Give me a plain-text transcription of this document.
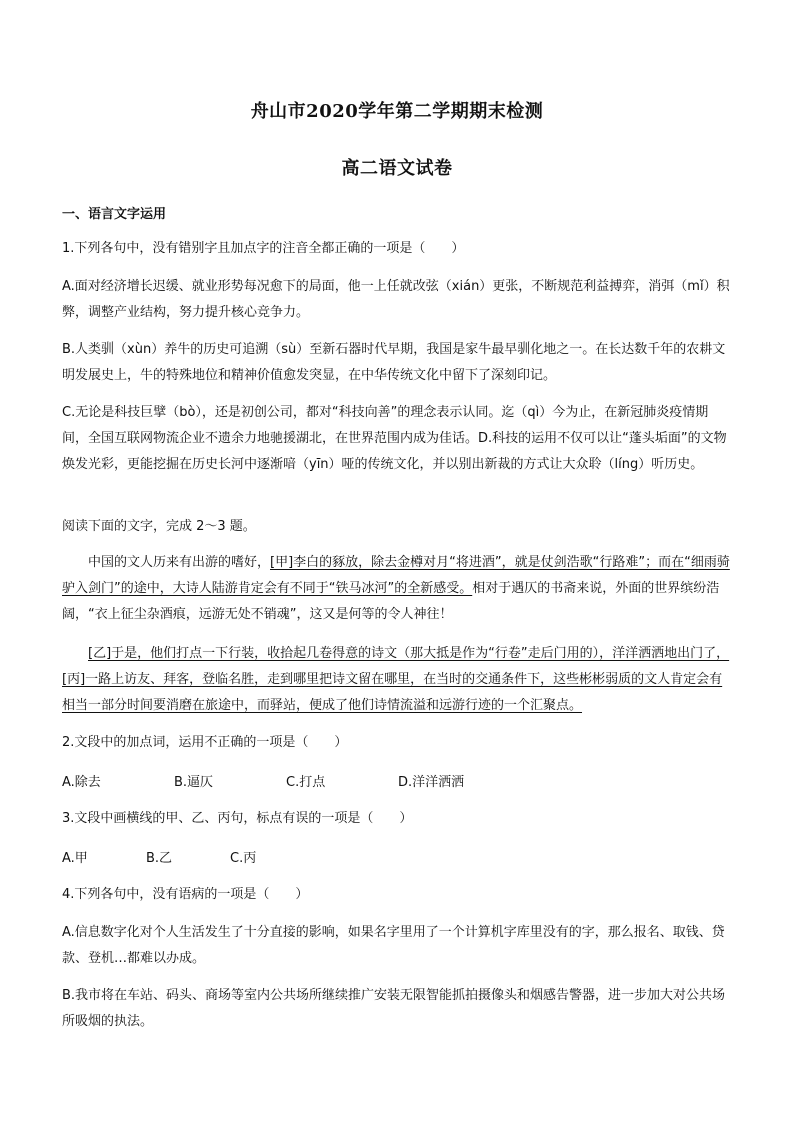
舟山市2020学年第二学期期末检测
高二语文试卷
一、语言文字运用

1.下列各句中，没有错别字且加点字的注音全都正确的一项是（　　）

A.面对经济增长迟缓、就业形势每况愈下的局面，他一上任就改弦（xián）更张，不断规范利益搏弈，消弭（mǐ）积弊，调整产业结构，努力提升核心竞争力。

B.人类驯（xùn）养牛的历史可追溯（sù）至新石器时代早期，我国是家牛最早驯化地之一。在长达数千年的农耕文明发展史上，牛的特殊地位和精神价值愈发突显，在中华传统文化中留下了深刻印记。

C.无论是科技巨擘（bò），还是初创公司，都对“科技向善”的理念表示认同。迄（qì）今为止，在新冠肺炎疫情期间，全国互联网物流企业不遗余力地驰援湖北，在世界范围内成为佳话。D.科技的运用不仅可以让“蓬头垢面”的文物焕发光彩，更能挖掘在历史长河中逐渐喑（yīn）哑的传统文化，并以别出新裁的方式让大众聆（líng）听历史。

阅读下面的文字，完成 2～3 题。

中国的文人历来有出游的嗜好，[甲]李白的豩放，除去金樽对月“将进酒”，就是仗剑浩歌“行路难”；而在“细雨骑驴入剑门”的途中，大诗人陆游肯定会有不同于“铁马冰河”的全新感受。相对于遇仄的书斋来说，外面的世界缤纷浩阔，“衣上征尘杂酒痕，远游无处不销魂”，这又是何等的令人神往！

[乙]于是，他们打点一下行装，收拾起几卷得意的诗文（那大抵是作为“行卷”走后门用的），洋洋洒洒地出门了，[丙]一路上访友、拜客，登临名胜，走到哪里把诗文留在哪里，在当时的交通条件下，这些彬彬弱质的文人肯定会有相当一部分时间要消磨在旅途中，而驿站，便成了他们诗情流溢和远游行迹的一个汇聚点。

2.文段中的加点词，运用不正确的一项是（　　）

A.除去	B.逼仄	C.打点	D.洋洋洒洒

3.文段中画横线的甲、乙、丙句，标点有误的一项是（　　）

A.甲	B.乙	C.丙

4.下列各句中，没有语病的一项是（　　）

A.信息数字化对个人生活发生了十分直接的影响，如果名字里用了一个计算机字库里没有的字，那么报名、取钱、贷款、登机…都难以办成。

B.我市将在车站、码头、商场等室内公共场所继续推广安装无限智能抓拍摄像头和烟感告警器，进一步加大对公共场所吸烟的执法。
